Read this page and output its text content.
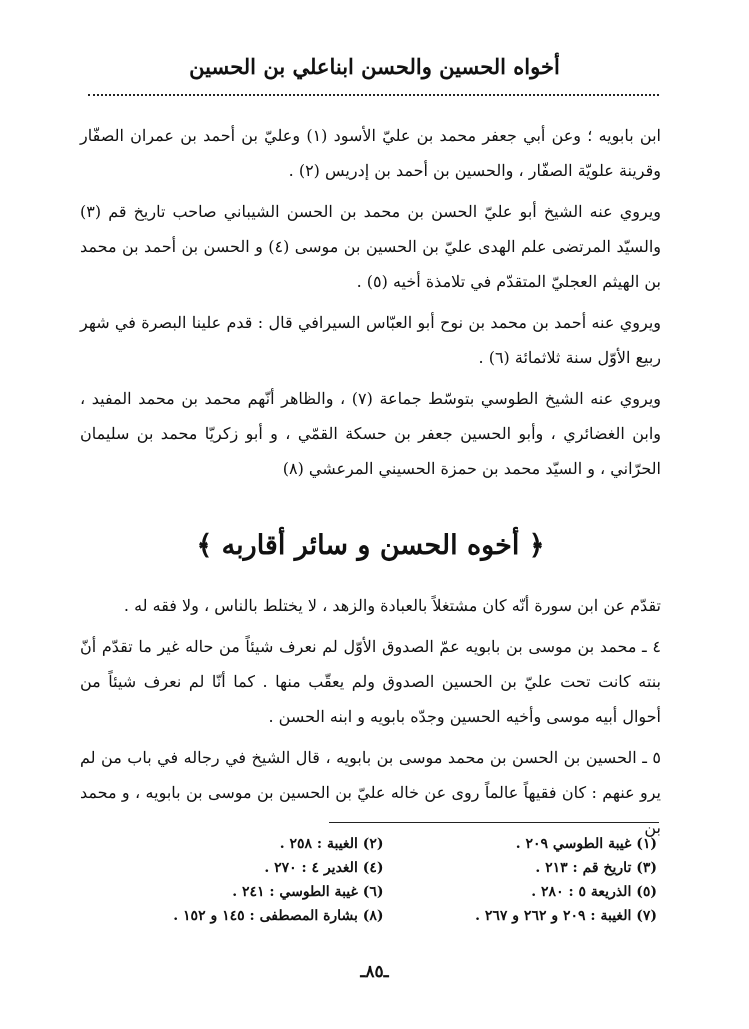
أخواه الحسين والحسن ابناعلي بن الحسين

ابن بابويه ؛ وعن أبي جعفر محمد بن عليّ الأسود (١) وعليّ بن أحمد بن عمران الصفّار وقرينة علويّة الصفّار ، والحسين بن أحمد بن إدريس (٢) .

ويروي عنه الشيخ أبو عليّ الحسن بن محمد بن الحسن الشيباني صاحب تاريخ قم (٣) والسيّد المرتضى علم الهدى عليّ بن الحسين بن موسى (٤) و الحسن بن أحمد بن محمد بن الهيثم العجليّ المتقدّم في تلامذة أخيه (٥) .

ويروي عنه أحمد بن محمد بن نوح أبو العبّاس السيرافي قال : قدم علينا البصرة في شهر ربيع الأوّل سنة ثلاثمائة (٦) .

ويروي عنه الشيخ الطوسي بتوسّط جماعة (٧) ، والظاهر أنّهم محمد بن محمد المفيد ، وابن الغضائري ، وأبو الحسين جعفر بن حسكة القمّي ، و أبو زكريّا محمد بن سليمان الحرّاني ، و السيّد محمد بن حمزة الحسيني المرعشي (٨)

﴿ أخوه الحسن و سائر أقاربه ﴾

تقدّم عن ابن سورة أنّه كان مشتغلاً بالعبادة والزهد ، لا يختلط بالناس ، ولا فقه له .

٤ ـ محمد بن موسى بن بابويه عمّ الصدوق الأوّل لم نعرف شيئاً من حاله غير ما تقدّم أنّ بنته كانت تحت عليّ بن الحسين الصدوق ولم يعقّب منها . كما أنّا لم نعرف شيئاً من أحوال أبيه موسى وأخيه الحسين وجدّه بابويه و ابنه الحسن .

٥ ـ الحسين بن الحسن بن محمد موسى بن بابويه ، قال الشيخ في رجاله في باب من لم يرو عنهم : كان فقيهاً عالماً روى عن خاله عليّ بن الحسين بن موسى بن بابويه ، و محمد بن

(١) غيبة الطوسي ٢٠٩ .
(٢) الغيبة : ٢٥٨ .
(٣) تاريخ قم : ٢١٣ .
(٤) الغدير ٤ : ٢٧٠ .
(٥) الذريعة ٥ : ٢٨٠ .
(٦) غيبة الطوسي : ٢٤١ .
(٧) الغيبة : ٢٠٩ و ٢٦٢ و ٢٦٧ .
(٨) بشارة المصطفى : ١٤٥ و ١٥٢ .
ـ٨٥ـ
